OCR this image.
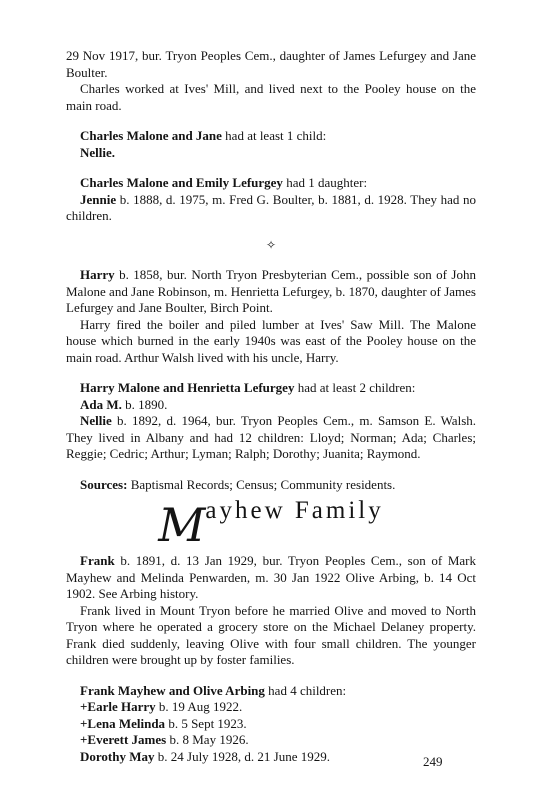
29 Nov 1917, bur. Tryon Peoples Cem., daughter of James Lefurgey and Jane Boulter.

Charles worked at Ives' Mill, and lived next to the Pooley house on the main road.

Charles Malone and Jane had at least 1 child:

Nellie.

Charles Malone and Emily Lefurgey had 1 daughter:

Jennie b. 1888, d. 1975, m. Fred G. Boulter, b. 1881, d. 1928. They had no children.

✧

Harry b. 1858, bur. North Tryon Presbyterian Cem., possible son of John Malone and Jane Robinson, m. Henrietta Lefurgey, b. 1870, daughter of James Lefurgey and Jane Boulter, Birch Point.

Harry fired the boiler and piled lumber at Ives' Saw Mill. The Malone house which burned in the early 1940s was east of the Pooley house on the main road. Arthur Walsh lived with his uncle, Harry.

Harry Malone and Henrietta Lefurgey had at least 2 children:

Ada M. b. 1890.

Nellie b. 1892, d. 1964, bur. Tryon Peoples Cem., m. Samson E. Walsh. They lived in Albany and had 12 children: Lloyd; Norman; Ada; Charles; Reggie; Cedric; Arthur; Lyman; Ralph; Dorothy; Juanita; Raymond.

Sources: Baptismal Records; Census; Community residents.

Mayhew Family

Frank b. 1891, d. 13 Jan 1929, bur. Tryon Peoples Cem., son of Mark Mayhew and Melinda Penwarden, m. 30 Jan 1922 Olive Arbing, b. 14 Oct 1902. See Arbing history.

Frank lived in Mount Tryon before he married Olive and moved to North Tryon where he operated a grocery store on the Michael Delaney property. Frank died suddenly, leaving Olive with four small children. The younger children were brought up by foster families.

Frank Mayhew and Olive Arbing had 4 children:

+Earle Harry b. 19 Aug 1922.

+Lena Melinda b. 5 Sept 1923.

+Everett James b. 8 May 1926.

Dorothy May b. 24 July 1928, d. 21 June 1929.	249
